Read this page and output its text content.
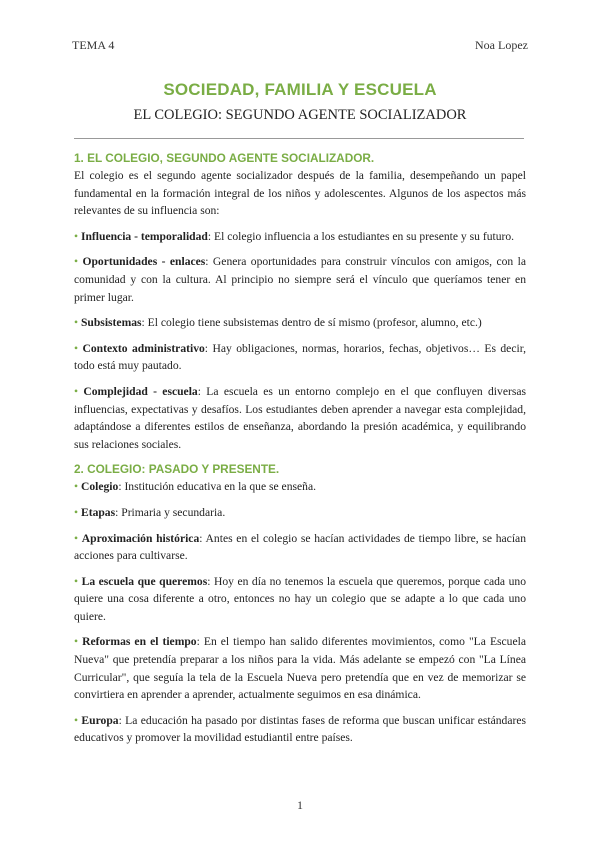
TEMA 4	Noa Lopez
SOCIEDAD, FAMILIA Y ESCUELA
EL COLEGIO: SEGUNDO AGENTE SOCIALIZADOR
1. EL COLEGIO, SEGUNDO AGENTE SOCIALIZADOR.

El colegio es el segundo agente socializador después de la familia, desempeñando un papel fundamental en la formación integral de los niños y adolescentes. Algunos de los aspectos más relevantes de su influencia son:

• Influencia - temporalidad: El colegio influencia a los estudiantes en su presente y su futuro.

• Oportunidades - enlaces: Genera oportunidades para construir vínculos con amigos, con la comunidad y con la cultura. Al principio no siempre será el vínculo que queríamos tener en primer lugar.

• Subsistemas: El colegio tiene subsistemas dentro de sí mismo (profesor, alumno, etc.)

• Contexto administrativo: Hay obligaciones, normas, horarios, fechas, objetivos… Es decir, todo está muy pautado.

• Complejidad - escuela: La escuela es un entorno complejo en el que confluyen diversas influencias, expectativas y desafíos. Los estudiantes deben aprender a navegar esta complejidad, adaptándose a diferentes estilos de enseñanza, abordando la presión académica, y equilibrando sus relaciones sociales.

2. COLEGIO: PASADO Y PRESENTE.

• Colegio: Institución educativa en la que se enseña.

• Etapas: Primaria y secundaria.

• Aproximación histórica: Antes en el colegio se hacían actividades de tiempo libre, se hacían acciones para cultivarse.

• La escuela que queremos: Hoy en día no tenemos la escuela que queremos, porque cada uno quiere una cosa diferente a otro, entonces no hay un colegio que se adapte a lo que cada uno quiere.

• Reformas en el tiempo: En el tiempo han salido diferentes movimientos, como "La Escuela Nueva" que pretendía preparar a los niños para la vida. Más adelante se empezó con "La Línea Curricular", que seguía la tela de la Escuela Nueva pero pretendía que en vez de memorizar se convirtiera en aprender a aprender, actualmente seguimos en esa dinámica.

• Europa: La educación ha pasado por distintas fases de reforma que buscan unificar estándares educativos y promover la movilidad estudiantil entre países.

1
